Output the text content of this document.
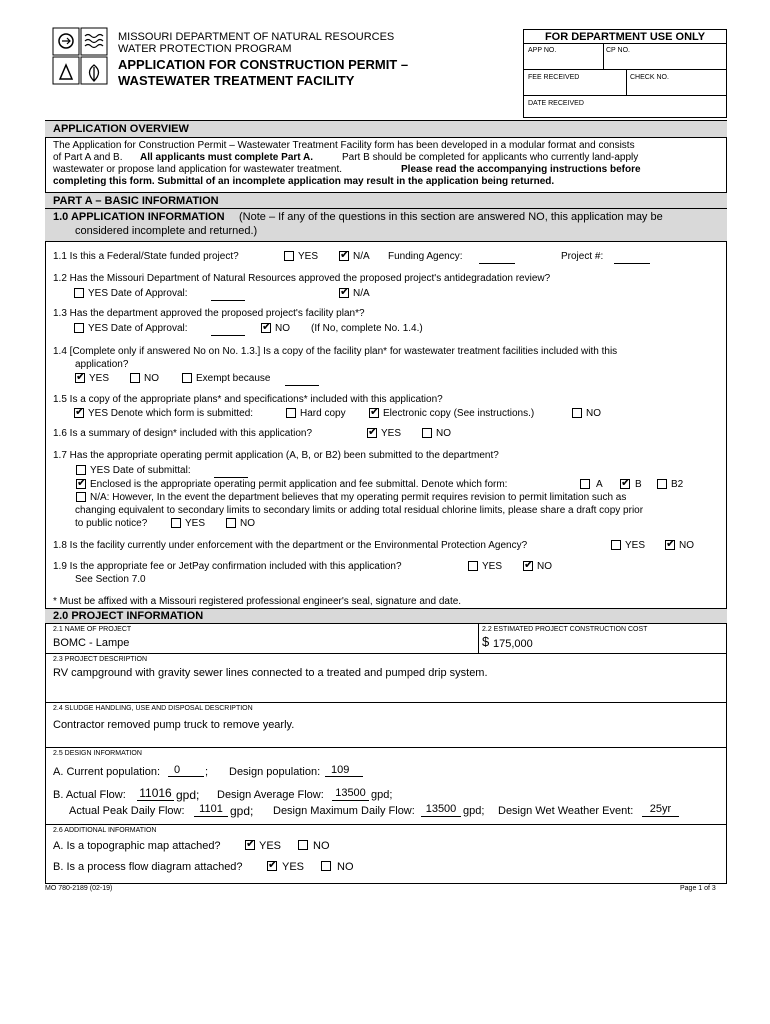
MISSOURI DEPARTMENT OF NATURAL RESOURCES
WATER PROTECTION PROGRAM
APPLICATION FOR CONSTRUCTION PERMIT –
WASTEWATER TREATMENT FACILITY
FOR DEPARTMENT USE ONLY
APP NO.	CP NO.
FEE RECEIVED	CHECK NO.
DATE RECEIVED
APPLICATION OVERVIEW
The Application for Construction Permit – Wastewater Treatment Facility form has been developed in a modular format and consists
of Part A and B. All applicants must complete Part A.	Part B should be completed for applicants who currently land-apply
wastewater or propose land application for wastewater treatment.	Please read the accompanying instructions before
completing this form. Submittal of an incomplete application may result in the application being returned.
PART A – BASIC INFORMATION
1.0 APPLICATION INFORMATION (Note – If any of the questions in this section are answered NO, this application may be
considered incomplete and returned.)
1.1 Is this a Federal/State funded project?	YES ✔	N/A Funding Agency:	Project #:
1.2 Has the Missouri Department of Natural Resources approved the proposed project's antidegradation review?
YES Date of Approval: ✔	N/A
1.3 Has the department approved the proposed project's facility plan*?
YES Date of Approval: ✔	NO (If No, complete No. 1.4.)
1.4 [Complete only if answered No on No. 1.3.] Is a copy of the facility plan* for wastewater treatment facilities included with this
application?
✔
YES	NO	Exempt because
1.5 Is a copy of the appropriate plans* and specifications* included with this application?
✔
YES Denote which form is submitted:	Hard copy ✔	Electronic copy (See instructions.)	NO
1.6 Is a summary of design* included with this application? ✔	YES	NO
1.7 Has the appropriate operating permit application (A, B, or B2) been submitted to the department?
YES Date of submittal:
✔
Enclosed is the appropriate operating permit application and fee submittal. Denote which form:	A ✔	B	B2
N/A: However, In the event the department believes that my operating permit requires revision to permit limitation such as
changing equivalent to secondary limits to secondary limits or adding total residual chlorine limits, please share a draft copy prior
to public notice?	YES	NO
1.8 Is the facility currently under enforcement with the department or the Environmental Protection Agency?	YES ✔	NO
1.9 Is the appropriate fee or JetPay confirmation included with this application?	YES ✔	NO
See Section 7.0
* Must be affixed with a Missouri registered professional engineer's seal, signature and date.
2.0 PROJECT INFORMATION
2.1 NAME OF PROJECT
BOMC - Lampe
2.2 ESTIMATED PROJECT CONSTRUCTION COST
$ 175,000
2.3 PROJECT DESCRIPTION
RV campground with gravity sewer lines connected to a treated and pumped drip system.
2.4 SLUDGE HANDLING, USE AND DISPOSAL DESCRIPTION
Contractor removed pump truck to remove yearly.
2.5 DESIGN INFORMATION
A. Current population:	0	; Design population: 109
B. Actual Flow: 11016 gpd; Design Average Flow: 13500 gpd;
Actual Peak Daily Flow:	1101 gpd; Design Maximum Daily Flow: 13500 gpd; Design Wet Weather Event:	25yr
2.6 ADDITIONAL INFORMATION
A. Is a topographic map attached? ✔	YES	NO
B. Is a process flow diagram attached? ✔	YES	NO
MO 780-2189 (02-19)	Page 1 of 3
